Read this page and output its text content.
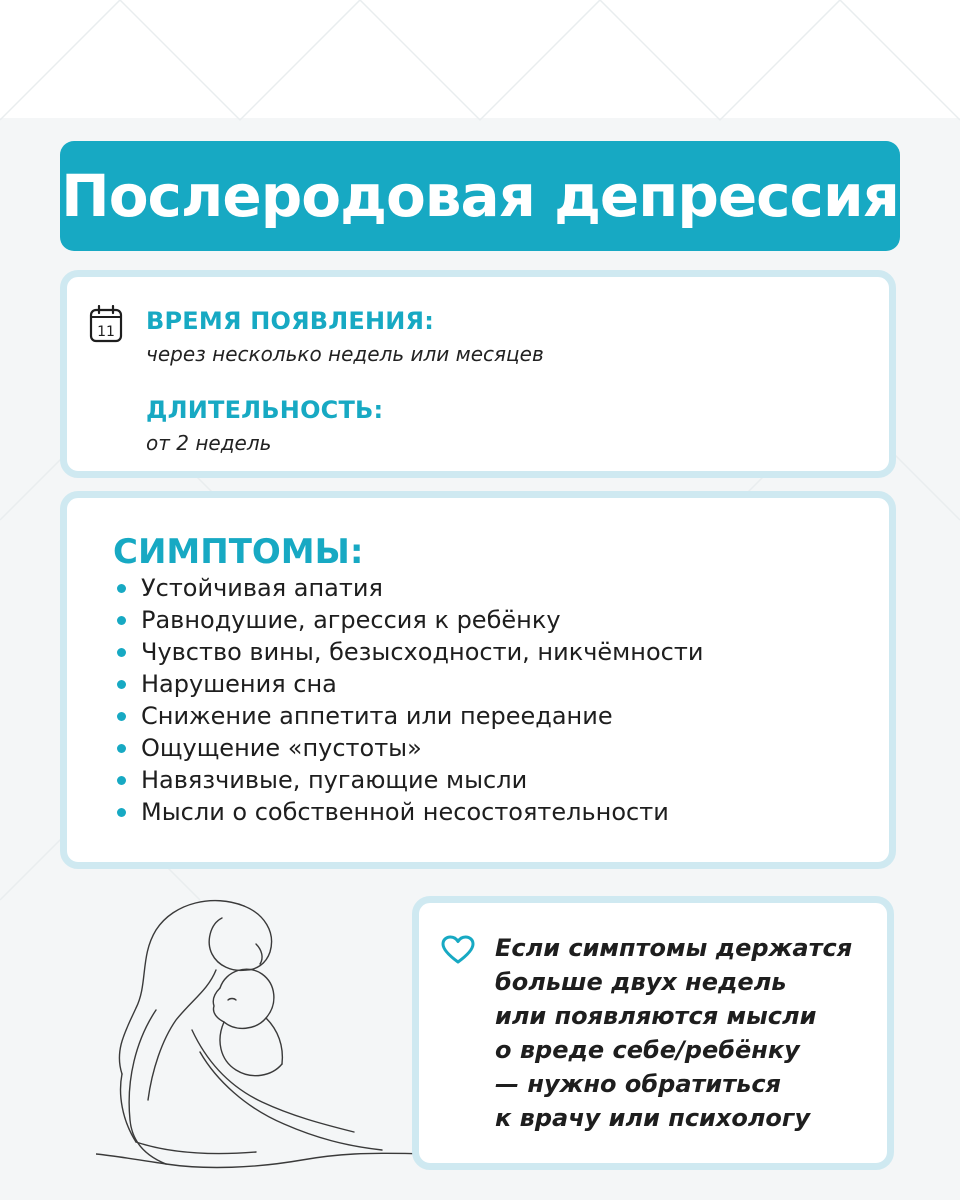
Послеродовая депрессия
11 ВРЕМЯ ПОЯВЛЕНИЯ:
через несколько недель или месяцев
ДЛИТЕЛЬНОСТЬ:
от 2 недель
СИМПТОМЫ:
Устойчивая апатия
Равнодушие, агрессия к ребёнку
Чувство вины, безысходности, никчёмности
Нарушения сна
Снижение аппетита или переедание
Ощущение «пустоты»
Навязчивые, пугающие мысли
Мысли о собственной несостоятельности
Если симптомы держатся
больше двух недель
или появляются мысли
о вреде себе/ребёнку
— нужно обратиться
к врачу или психологу
